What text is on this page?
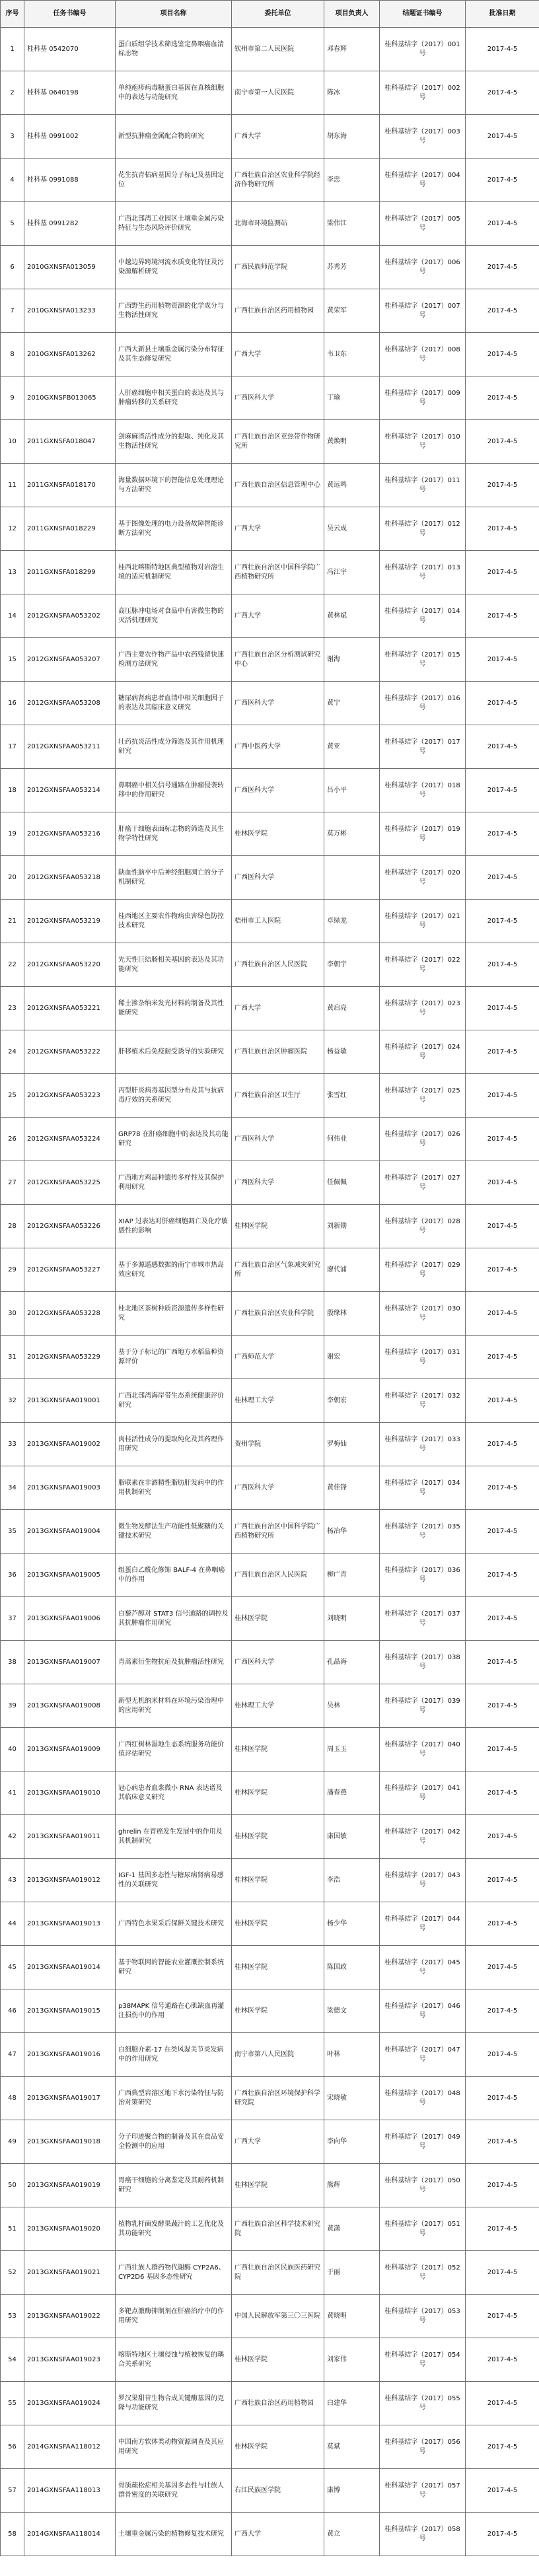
序号	任务书编号	项目名称	委托单位	项目负责人	结题证书编号	批准日期
1	桂科基 0542070	蛋白质组学技术筛选鉴定鼻咽癌血清标志物	钦州市第二人民医院	邓春辉	桂科基结字（2017）001号	2017-4-5
2	桂科基 0640198	单纯疱疹病毒糖蛋白基因在真核细胞中的表达与功能研究	南宁市第一人民医院	陈冰	桂科基结字（2017）002号	2017-4-5
3	桂科基 0991002	新型抗肿瘤金属配合物的研究	广西大学	胡东海	桂科基结字（2017）003号	2017-4-5
4	桂科基 0991088	花生抗青枯病基因分子标记及基因定位	广西壮族自治区农业科学院经济作物研究所	李忠	桂科基结字（2017）004号	2017-4-5
5	桂科基 0991282	广西北部湾工业园区土壤重金属污染特征与生态风险评价研究	北海市环境监测站	梁伟江	桂科基结字（2017）005号	2017-4-5
6	2010GXNSFA013059	中越边界跨境河流水质变化特征及污染源解析研究	广西民族师范学院	苏秀芳	桂科基结字（2017）006号	2017-4-5
7	2010GXNSFA013233	广西野生药用植物资源的化学成分与生物活性研究	广西壮族自治区药用植物园	黄荣军	桂科基结字（2017）007号	2017-4-5
8	2010GXNSFA013262	广西大新县土壤重金属污染分布特征及其生态修复研究	广西大学	韦卫东	桂科基结字（2017）008号	2017-4-5
9	2010GXNSFB013065	人肝癌细胞中相关蛋白的表达及其与肿瘤转移的关系研究	广西医科大学	丁瑜	桂科基结字（2017）009号	2017-4-5
10	2011GXNSFA018047	剑麻麻渣活性成分的提取、纯化及其生物活性研究	广西壮族自治区亚热带作物研究所	黄焕明	桂科基结字（2017）010号	2017-4-5
11	2011GXNSFA018170	海量数据环境下的智能信息处理理论与方法研究	广西壮族自治区信息管理中心	黄远鸣	桂科基结字（2017）011号	2017-4-5
12	2011GXNSFA018229	基于图像处理的电力设备故障智能诊断方法研究	广西大学	吴云成	桂科基结字（2017）012号	2017-4-5
13	2011GXNSFA018299	桂西北喀斯特地区典型植物对岩溶生境的适应机制研究	广西壮族自治区中国科学院广西植物研究所	冯江宇	桂科基结字（2017）013号	2017-4-5
14	2012GXNSFAA053202	高压脉冲电场对食品中有害微生物的灭活机理研究	广西大学	黄林斌	桂科基结字（2017）014号	2017-4-5
15	2012GXNSFAA053207	广西主要农作物产品中农药残留快速检测方法研究	广西壮族自治区分析测试研究中心	谢海	桂科基结字（2017）015号	2017-4-5
16	2012GXNSFAA053208	糖尿病肾病患者血清中相关细胞因子的表达及其临床意义研究	广西医科大学	黄宁	桂科基结字（2017）016号	2017-4-5
17	2012GXNSFAA053211	壮药抗炎活性成分筛选及其作用机理研究	广西中医药大学	黄亚	桂科基结字（2017）017号	2017-4-5
18	2012GXNSFAA053214	鼻咽癌中相关信号通路在肿瘤侵袭转移中的作用研究	广西医科大学	吕小平	桂科基结字（2017）018号	2017-4-5
19	2012GXNSFAA053216	肝癌干细胞表面标志物的筛选及其生物学特性研究	桂林医学院	莫万彬	桂科基结字（2017）019号	2017-4-5
20	2012GXNSFAA053218	缺血性脑卒中后神经细胞凋亡的分子机制研究	广西医科大学		桂科基结字（2017）020号	2017-4-5
21	2012GXNSFAA053219	桂西地区主要农作物病虫害绿色防控技术研究	梧州市工人医院	卓绿龙	桂科基结字（2017）021号	2017-4-5
22	2012GXNSFAA053220	先天性巨结肠相关基因的表达及其功能研究	广西壮族自治区人民医院	李朝宇	桂科基结字（2017）022号	2017-4-5
23	2012GXNSFAA053221	稀土掺杂纳米发光材料的制备及其性能研究	广西大学	黄启亮	桂科基结字（2017）023号	2017-4-5
24	2012GXNSFAA053222	肝移植术后免疫耐受诱导的实验研究	广西壮族自治区肿瘤医院	杨益敏	桂科基结字（2017）024号	2017-4-5
25	2012GXNSFAA053223	丙型肝炎病毒基因型分布及其与抗病毒疗效的关系研究	广西壮族自治区卫生厅	张雪红	桂科基结字（2017）025号	2017-4-5
26	2012GXNSFAA053224	GRP78 在肝癌细胞中的表达及其功能研究	广西医科大学	何伟业	桂科基结字（2017）026号	2017-4-5
27	2012GXNSFAA053225	广西地方鸡品种遗传多样性及其保护利用研究	广西医科大学	任佩佩	桂科基结字（2017）027号	2017-4-5
28	2012GXNSFAA053226	XIAP 过表达对肝癌细胞凋亡及化疗敏感性的影响	桂林医学院	刘新勋	桂科基结字（2017）028号	2017-4-5
29	2012GXNSFAA053227	基于多源遥感数据的南宁市城市热岛效应研究	广西壮族自治区气象减灾研究所	廖代浦	桂科基结字（2017）029号	2017-4-5
30	2012GXNSFAA053228	桂北地区茶树种质资源遗传多样性研究	广西壮族自治区农业科学院	殷缘林	桂科基结字（2017）030号	2017-4-5
31	2012GXNSFAA053229	基于分子标记的广西地方水稻品种资源评价	广西师范大学	谢宏	桂科基结字（2017）031号	2017-4-5
32	2013GXNSFAA019001	广西北部湾海岸带生态系统健康评价研究	桂林理工大学	李朝宏	桂科基结字（2017）032号	2017-4-5
33	2013GXNSFAA019002	肉桂活性成分的提取纯化及其药理作用研究	贺州学院	罗梅仙	桂科基结字（2017）033号	2017-4-5
34	2013GXNSFAA019003	脂联素在非酒精性脂肪肝发病中的作用机制研究	广西医科大学	黄佳锋	桂科基结字（2017）034号	2017-4-5
35	2013GXNSFAA019004	微生物发酵法生产功能性低聚糖的关键技术研究	广西壮族自治区中国科学院广西植物研究所	杨冶华	桂科基结字（2017）035号	2017-4-5
36	2013GXNSFAA019005	组蛋白乙酰化修饰 BALF-4 在鼻咽癌中的作用	广西壮族自治区人民医院	柳广青	桂科基结字（2017）036号	2017-4-5
37	2013GXNSFAA019006	白藜芦醇对 STAT3 信号通路的调控及其抗肿瘤作用研究	桂林医学院	刘晓明	桂科基结字（2017）037号	2017-4-5
38	2013GXNSFAA019007	青蒿素衍生物抗疟及抗肿瘤活性研究	广西医科大学	孔晶海	桂科基结字（2017）038号	2017-4-5
39	2013GXNSFAA019008	新型无机纳米材料在环境污染治理中的应用研究	桂林理工大学	吴林	桂科基结字（2017）039号	2017-4-5
40	2013GXNSFAA019009	广西红树林湿地生态系统服务功能价值评估研究	桂林医学院	周玉玉	桂科基结字（2017）040号	2017-4-5
41	2013GXNSFAA019010	冠心病患者血浆微小 RNA 表达谱及其临床意义研究	桂林医学院	潘春燕	桂科基结字（2017）041号	2017-4-5
42	2013GXNSFAA019011	ghrelin 在胃癌发生发展中的作用及其机制研究	桂林医学院	康国敏	桂科基结字（2017）042号	2017-4-5
43	2013GXNSFAA019012	IGF-1 基因多态性与糖尿病肾病易感性的关联研究	桂林医学院	李浩	桂科基结字（2017）043号	2017-4-5
44	2013GXNSFAA019013	广西特色水果采后保鲜关键技术研究	桂林医学院	杨少华	桂科基结字（2017）044号	2017-4-5
45	2013GXNSFAA019014	基于物联网的智能农业灌溉控制系统研究	桂林医学院	陈国政	桂科基结字（2017）045号	2017-4-5
46	2013GXNSFAA019015	p38MAPK 信号通路在心肌缺血再灌注损伤中的作用	桂林医学院	梁德文	桂科基结字（2017）046号	2017-4-5
47	2013GXNSFAA019016	白细胞介素-17 在类风湿关节炎发病中的作用研究	南宁市第八人民医院	叶林	桂科基结字（2017）047号	2017-4-5
48	2013GXNSFAA019017	广西典型岩溶区地下水污染特征与防治对策研究	广西壮族自治区环境保护科学研究院	宋晓敏	桂科基结字（2017）048号	2017-4-5
49	2013GXNSFAA019018	分子印迹聚合物的制备及其在食品安全检测中的应用	广西大学	李向华	桂科基结字（2017）049号	2017-4-5
50	2013GXNSFAA019019	胃癌干细胞的分离鉴定及其耐药机制研究	桂林医学院	熊辉	桂科基结字（2017）050号	2017-4-5
51	2013GXNSFAA019020	植物乳杆菌发酵果蔬汁的工艺优化及其功能研究	广西壮族自治区科学技术研究院	黄潇	桂科基结字（2017）051号	2017-4-5
52	2013GXNSFAA019021	广西壮族人群药物代谢酶 CYP2A6、CYP2D6 基因多态性研究	广西壮族自治区民族医药研究院	于丽	桂科基结字（2017）052号	2017-4-5
53	2013GXNSFAA019022	多靶点激酶抑制剂在肝癌治疗中的作用研究	中国人民解放军第三〇三医院	黄晓明	桂科基结字（2017）053号	2017-4-5
54	2013GXNSFAA019023	喀斯特地区土壤侵蚀与植被恢复的耦合关系研究	桂林医学院	刘家伟	桂科基结字（2017）054号	2017-4-5
55	2013GXNSFAA019024	罗汉果甜苷生物合成关键酶基因的克隆与功能研究	广西壮族自治区药用植物园	白建华	桂科基结字（2017）055号	2017-4-5
56	2014GXNSFAA118012	中国南方软体类动物资源调查及其应用研究	桂林医学院	莫斌	桂科基结字（2017）056号	2017-4-5
57	2014GXNSFAA118013	骨质疏松症相关基因多态性与壮族人群骨密度的关联研究	右江民族医学院	康博	桂科基结字（2017）057号	2017-4-5
58	2014GXNSFAA118014	土壤重金属污染的植物修复技术研究	广西大学	黄立	桂科基结字（2017）058号	2017-4-5
